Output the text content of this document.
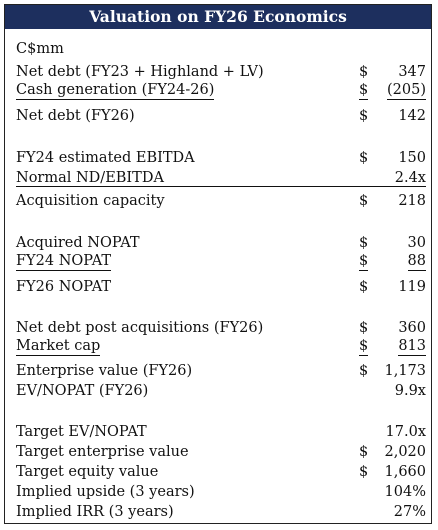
Valuation on FY26 Economics
C$mm
Net debt (FY23 + Highland + LV)	$ 347
Cash generation (FY24-26)	$ (205)
Net debt (FY26)	$ 142
FY24 estimated EBITDA	$ 150
Normal ND/EBITDA	2.4x
Acquisition capacity	$ 218
Acquired NOPAT	$	30
FY24 NOPAT	$	88
FY26 NOPAT	$ 119
Net debt post acquisitions (FY26)	$ 360
Market cap	$ 813
Enterprise value (FY26)	$ 1,173
EV/NOPAT (FY26)	9.9x
Target EV/NOPAT	17.0x
Target enterprise value	$ 2,020
Target equity value	$ 1,660
Implied upside (3 years)	104%
Implied IRR (3 years)	27%
